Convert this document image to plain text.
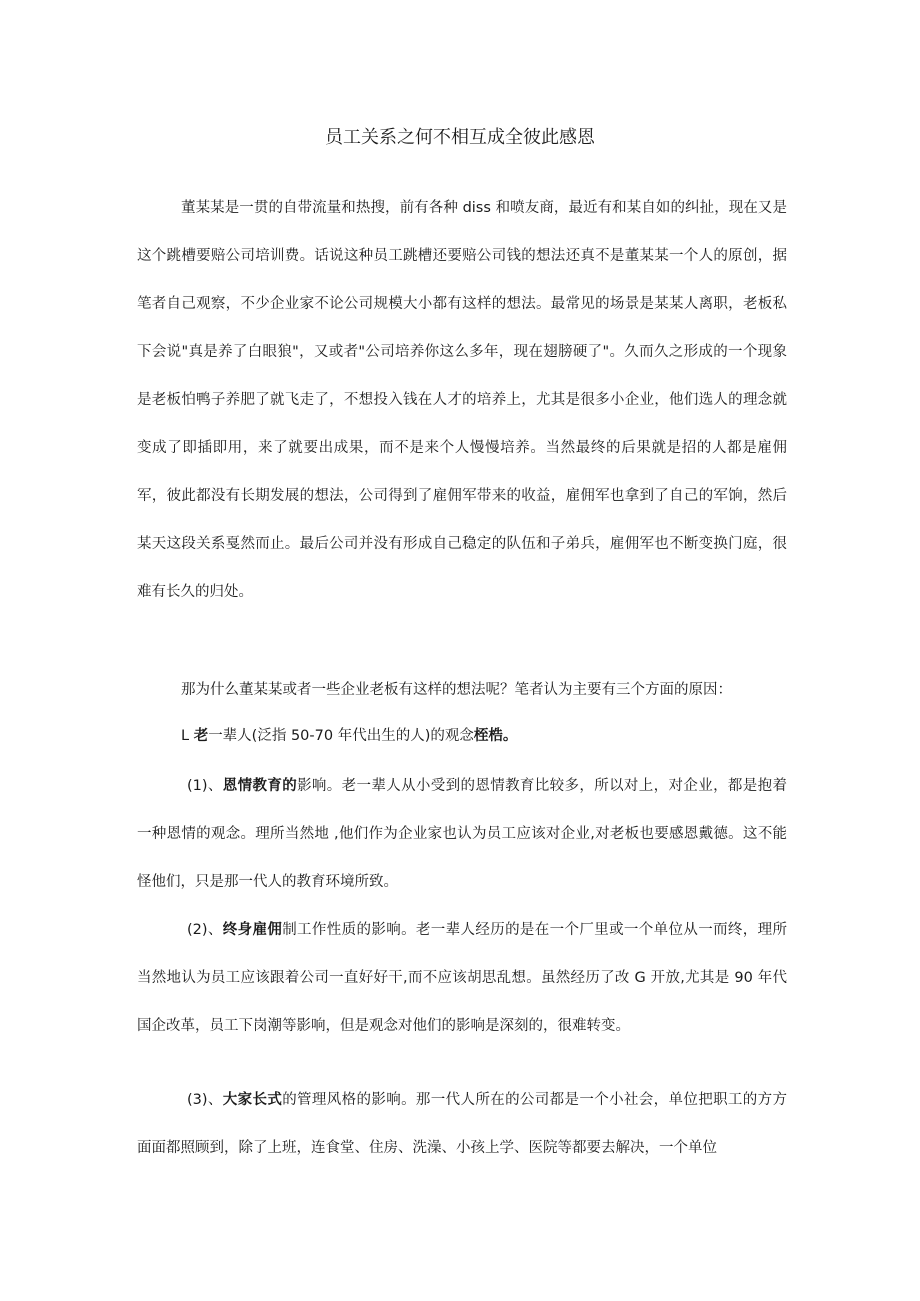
员工关系之何不相互成全彼此感恩

董某某是一贯的自带流量和热搜，前有各种 diss 和喷友商，最近有和某自如的纠扯，现在又是这个跳槽要赔公司培训费。话说这种员工跳槽还要赔公司钱的想法还真不是董某某一个人的原创，据笔者自己观察，不少企业家不论公司规模大小都有这样的想法。最常见的场景是某某人离职，老板私下会说"真是养了白眼狼"，又或者"公司培养你这么多年，现在翅膀硬了"。久而久之形成的一个现象是老板怕鸭子养肥了就飞走了，不想投入钱在人才的培养上，尤其是很多小企业，他们选人的理念就变成了即插即用，来了就要出成果，而不是来个人慢慢培养。当然最终的后果就是招的人都是雇佣军，彼此都没有长期发展的想法，公司得到了雇佣军带来的收益，雇佣军也拿到了自己的军饷，然后某天这段关系戛然而止。最后公司并没有形成自己稳定的队伍和子弟兵，雇佣军也不断变换门庭，很难有长久的归处。

那为什么董某某或者一些企业老板有这样的想法呢？笔者认为主要有三个方面的原因：
L 老一辈人(泛指 50-70 年代出生的人)的观念桎梏。

(1)、恩情教育的影响。老一辈人从小受到的恩情教育比较多，所以对上，对企业，都是抱着一种恩情的观念。理所当然地 ,他们作为企业家也认为员工应该对企业,对老板也要感恩戴德。这不能怪他们，只是那一代人的教育环境所致。

(2)、终身雇佣制工作性质的影响。老一辈人经历的是在一个厂里或一个单位从一而终，理所当然地认为员工应该跟着公司一直好好干,而不应该胡思乱想。虽然经历了改 G 开放,尤其是 90 年代国企改革，员工下岗潮等影响，但是观念对他们的影响是深刻的，很难转变。

(3)、大家长式的管理风格的影响。那一代人所在的公司都是一个小社会，单位把职工的方方面面都照顾到，除了上班，连食堂、住房、洗澡、小孩上学、医院等都要去解决，一个单位
